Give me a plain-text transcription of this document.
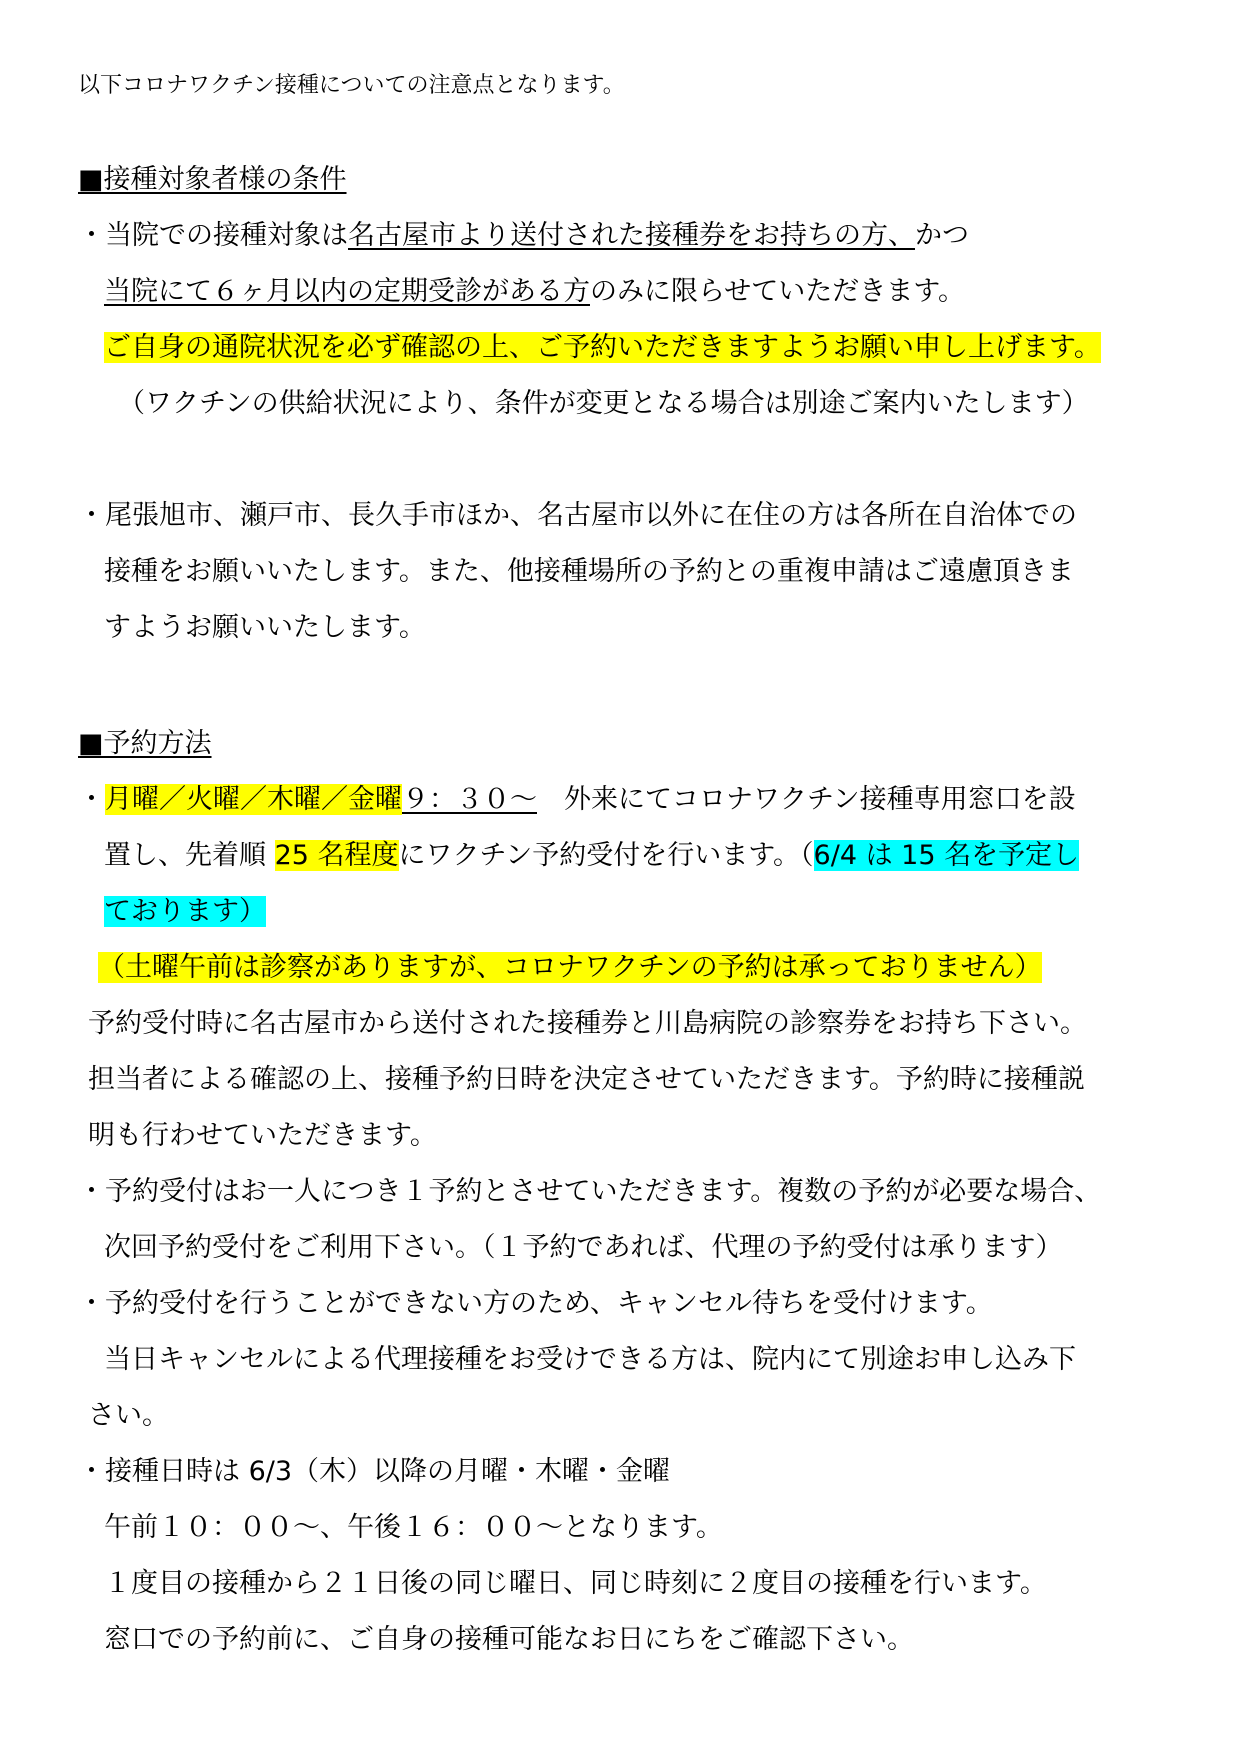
以下コロナワクチン接種についての注意点となります。
■接種対象者様の条件
・当院での接種対象は名古屋市より送付された接種券をお持ちの方、かつ
当院にて６ヶ月以内の定期受診がある方のみに限らせていただきます。
ご自身の通院状況を必ず確認の上、ご予約いただきますようお願い申し上げます。
（ワクチンの供給状況により、条件が変更となる場合は別途ご案内いたします）
・尾張旭市、瀬戸市、長久手市ほか、名古屋市以外に在住の方は各所在自治体での
接種をお願いいたします。また、他接種場所の予約との重複申請はご遠慮頂きま
すようお願いいたします。
■予約方法
・月曜／火曜／木曜／金曜９：３０～　外来にてコロナワクチン接種専用窓口を設
置し、先着順 25 名程度にワクチン予約受付を行います。（6/4 は 15 名を予定し
ております）
（土曜午前は診察がありますが、コロナワクチンの予約は承っておりません）
予約受付時に名古屋市から送付された接種券と川島病院の診察券をお持ち下さい。
担当者による確認の上、接種予約日時を決定させていただきます。予約時に接種説
明も行わせていただきます。
・予約受付はお一人につき１予約とさせていただきます。複数の予約が必要な場合、
次回予約受付をご利用下さい。（１予約であれば、代理の予約受付は承ります）
・予約受付を行うことができない方のため、キャンセル待ちを受付けます。
当日キャンセルによる代理接種をお受けできる方は、院内にて別途お申し込み下
さい。
・接種日時は 6/3（木）以降の月曜・木曜・金曜
午前１０：００～、午後１６：００～となります。
１度目の接種から２１日後の同じ曜日、同じ時刻に２度目の接種を行います。
窓口での予約前に、ご自身の接種可能なお日にちをご確認下さい。
